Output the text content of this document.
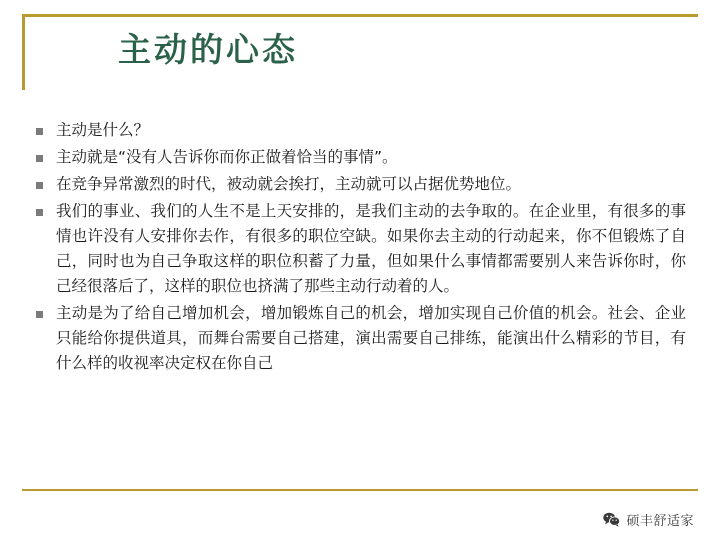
主动的心态
主动是什么？
主动就是“没有人告诉你而你正做着恰当的事情”。
在竞争异常激烈的时代，被动就会挨打，主动就可以占据优势地位。
我们的事业、我们的人生不是上天安排的，是我们主动的去争取的。在企业里，有很多的事情也许没有人安排你去作，有很多的职位空缺。如果你去主动的行动起来，你不但锻炼了自己，同时也为自己争取这样的职位积蓄了力量，但如果什么事情都需要别人来告诉你时，你己经很落后了，这样的职位也挤满了那些主动行动着的人。
主动是为了给自己增加机会，增加锻炼自己的机会，增加实现自己价值的机会。社会、企业只能给你提供道具，而舞台需要自己搭建，演出需要自己排练，能演出什么精彩的节目，有什么样的收视率决定权在你自己
硕丰舒适家
